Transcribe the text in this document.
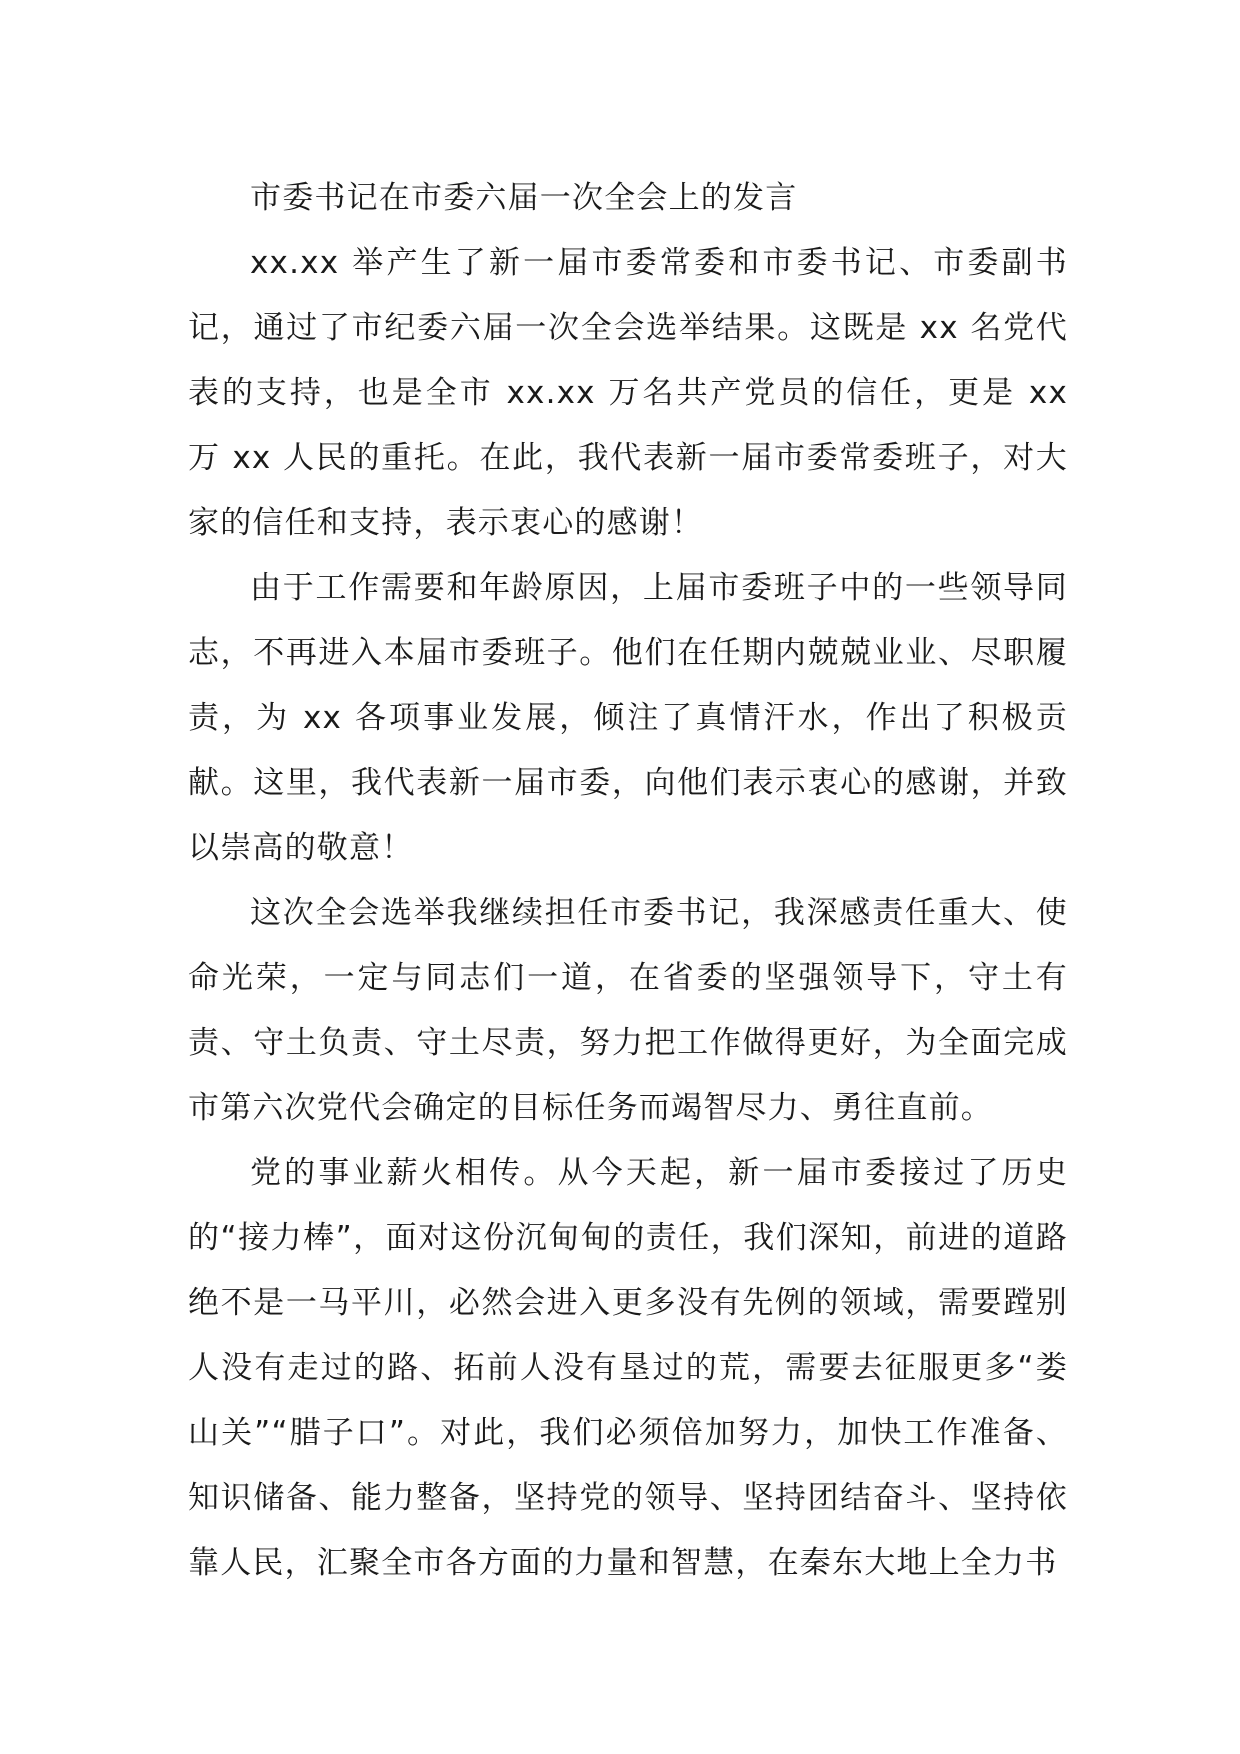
市委书记在市委六届一次全会上的发言

xx.xx 举产生了新一届市委常委和市委书记、市委副书记，通过了市纪委六届一次全会选举结果。这既是 xx 名党代表的支持，也是全市 xx.xx 万名共产党员的信任，更是 xx 万 xx 人民的重托。在此，我代表新一届市委常委班子，对大家的信任和支持，表示衷心的感谢！

由于工作需要和年龄原因，上届市委班子中的一些领导同志，不再进入本届市委班子。他们在任期内兢兢业业、尽职履责，为 xx 各项事业发展，倾注了真情汗水，作出了积极贡献。这里，我代表新一届市委，向他们表示衷心的感谢，并致以崇高的敬意！

这次全会选举我继续担任市委书记，我深感责任重大、使命光荣，一定与同志们一道，在省委的坚强领导下，守土有责、守土负责、守土尽责，努力把工作做得更好，为全面完成市第六次党代会确定的目标任务而竭智尽力、勇往直前。

党的事业薪火相传。从今天起，新一届市委接过了历史的“接力棒”，面对这份沉甸甸的责任，我们深知，前进的道路绝不是一马平川，必然会进入更多没有先例的领域，需要蹚别人没有走过的路、拓前人没有垦过的荒，需要去征服更多“娄山关”“腊子口”。对此，我们必须倍加努力，加快工作准备、知识储备、能力整备，坚持党的领导、坚持团结奋斗、坚持依靠人民，汇聚全市各方面的力量和智慧，在秦东大地上全力书
